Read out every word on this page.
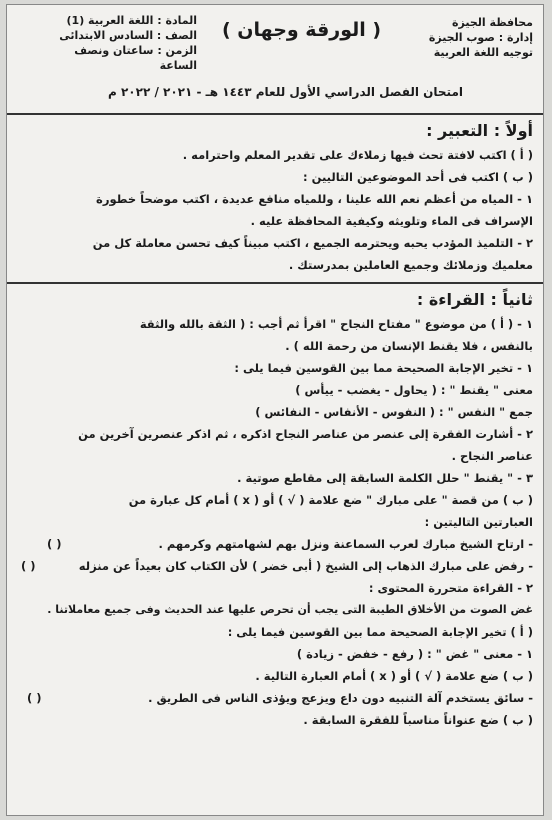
محافظة الجيزة
إدارة : صوب الجيزة
توجيه اللغة العربية
( الورقة وجهان )
المادة : اللغة العربية (1)
الصف : السادس الابتدائى
الزمن : ساعتان ونصف الساعة
امتحان الفصل الدراسي الأول للعام ١٤٤٣ هـ - ٢٠٢١ / ٢٠٢٢ م
أولاً : التعبير :
( أ ) اكتب لافتة تحث فيها زملاءك على تقدير المعلم واحترامه .
( ب ) اكتب فى أحد الموضوعين التاليين :
١ - المياه من أعظم نعم الله علينا ، وللمياه منافع عديدة ، اكتب موضحاً خطورة
الإسراف فى الماء وتلويثه وكيفية المحافظة عليه .
٢ - التلميذ المؤدب يحبه ويحترمه الجميع ، اكتب مبيناً كيف تحسن معاملة كل من
معلميك وزملائك وجميع العاملين بمدرستك .
ثانياً : القراءة :
١ - ( أ ) من موضوع " مفتاح النجاح " اقرأ ثم أجب : ( الثقة بالله والثقة
بالنفس ، فلا يقنط الإنسان من رحمة الله ) .
١ - تخير الإجابة الصحيحة مما بين القوسين فيما يلى :
معنى " يقنط " : ( يحاول - يغضب - ييأس )
جمع " النفس " : ( النفوس - الأنفاس - النفائس )
٢ - أشارت الفقرة إلى عنصر من عناصر النجاح اذكره ، ثم اذكر عنصرين آخرين من
عناصر النجاح .
٣ - " يقنط " حلل الكلمة السابقة إلى مقاطع صوتية .
( ب ) من قصة " على مبارك " ضع علامة ( √ ) أو ( x ) أمام كل عبارة من
العبارتين التاليتين :
- ارتاح الشيخ مبارك لعرب السماعنة ونزل بهم لشهامتهم وكرمهم .
( )
- رفض على مبارك الذهاب إلى الشيخ ( أبى خضر ) لأن الكتاب كان بعيداً عن منزله
( )
٢ - القراءة متحررة المحتوى :
غض الصوت من الأخلاق الطيبة التى يجب أن تحرص عليها عند الحديث وفى جميع معاملاتنا .
( أ ) تخير الإجابة الصحيحة مما بين القوسين فيما يلى :
١ - معنى " غض " : ( رفع - خفض - زيادة )
( ب ) ضع علامة ( √ ) أو ( x ) أمام العبارة التالية .
- سائق يستخدم آلة التنبيه دون داع ويزعج ويؤذى الناس فى الطريق .
( )
( ب ) ضع عنواناً مناسباً للفقرة السابقة .
